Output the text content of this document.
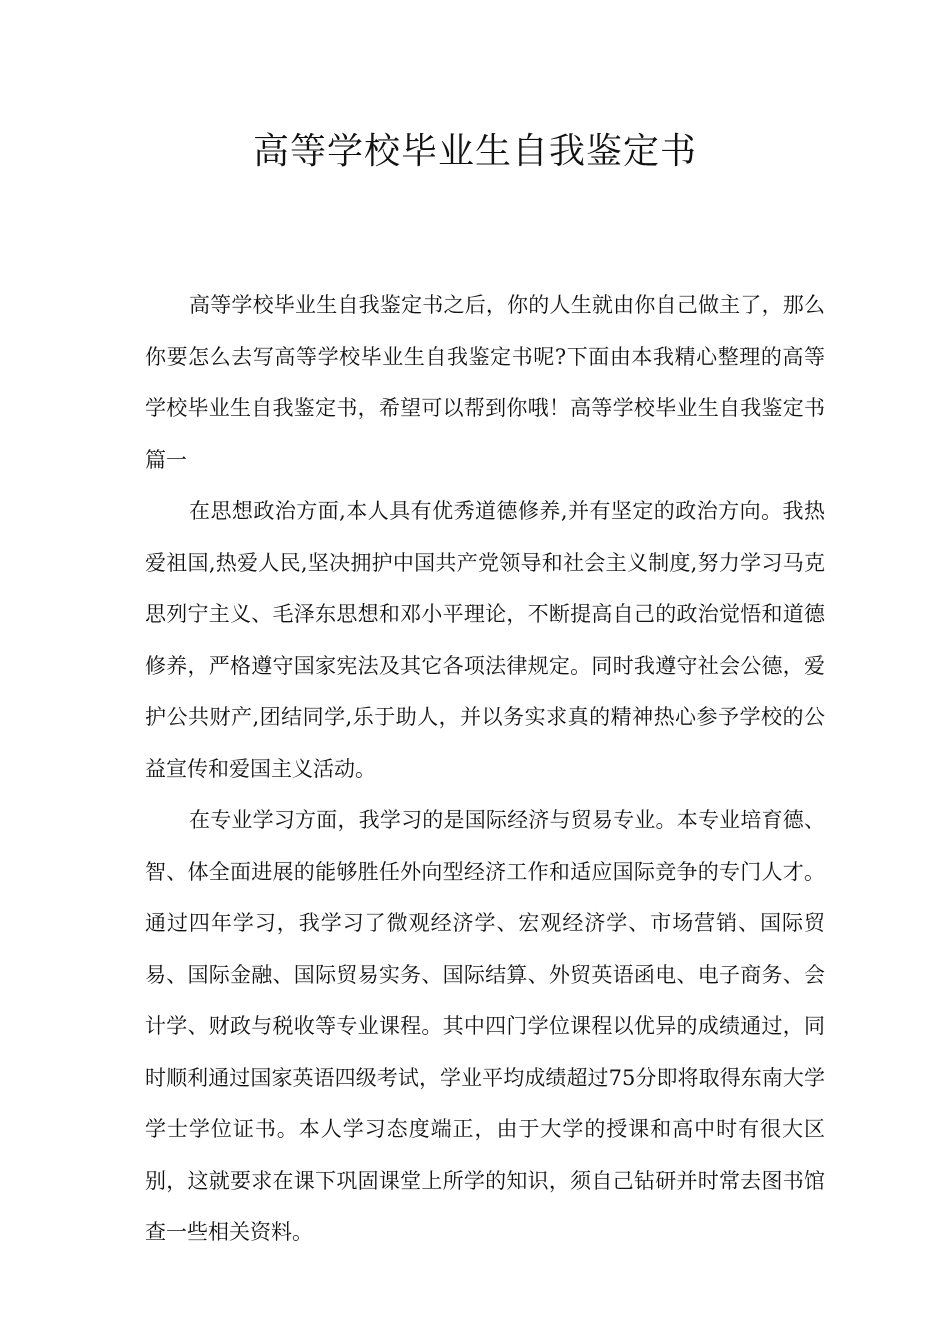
高等学校毕业生自我鉴定书

高等学校毕业生自我鉴定书之后，你的人生就由你自己做主了，那么你要怎么去写高等学校毕业生自我鉴定书呢?下面由本我精心整理的高等学校毕业生自我鉴定书，希望可以帮到你哦！高等学校毕业生自我鉴定书篇一

在思想政治方面,本人具有优秀道德修养,并有坚定的政治方向。我热爱祖国,热爱人民,坚决拥护中国共产党领导和社会主义制度,努力学习马克思列宁主义、毛泽东思想和邓小平理论，不断提高自己的政治觉悟和道德修养，严格遵守国家宪法及其它各项法律规定。同时我遵守社会公德，爱护公共财产,团结同学,乐于助人，并以务实求真的精神热心参予学校的公益宣传和爱国主义活动。

在专业学习方面，我学习的是国际经济与贸易专业。本专业培育德、智、体全面进展的能够胜任外向型经济工作和适应国际竞争的专门人才。通过四年学习，我学习了微观经济学、宏观经济学、市场营销、国际贸易、国际金融、国际贸易实务、国际结算、外贸英语函电、电子商务、会计学、财政与税收等专业课程。其中四门学位课程以优异的成绩通过，同时顺利通过国家英语四级考试，学业平均成绩超过75分即将取得东南大学学士学位证书。本人学习态度端正，由于大学的授课和高中时有很大区别，这就要求在课下巩固课堂上所学的知识，须自己钻研并时常去图书馆查一些相关资料。
